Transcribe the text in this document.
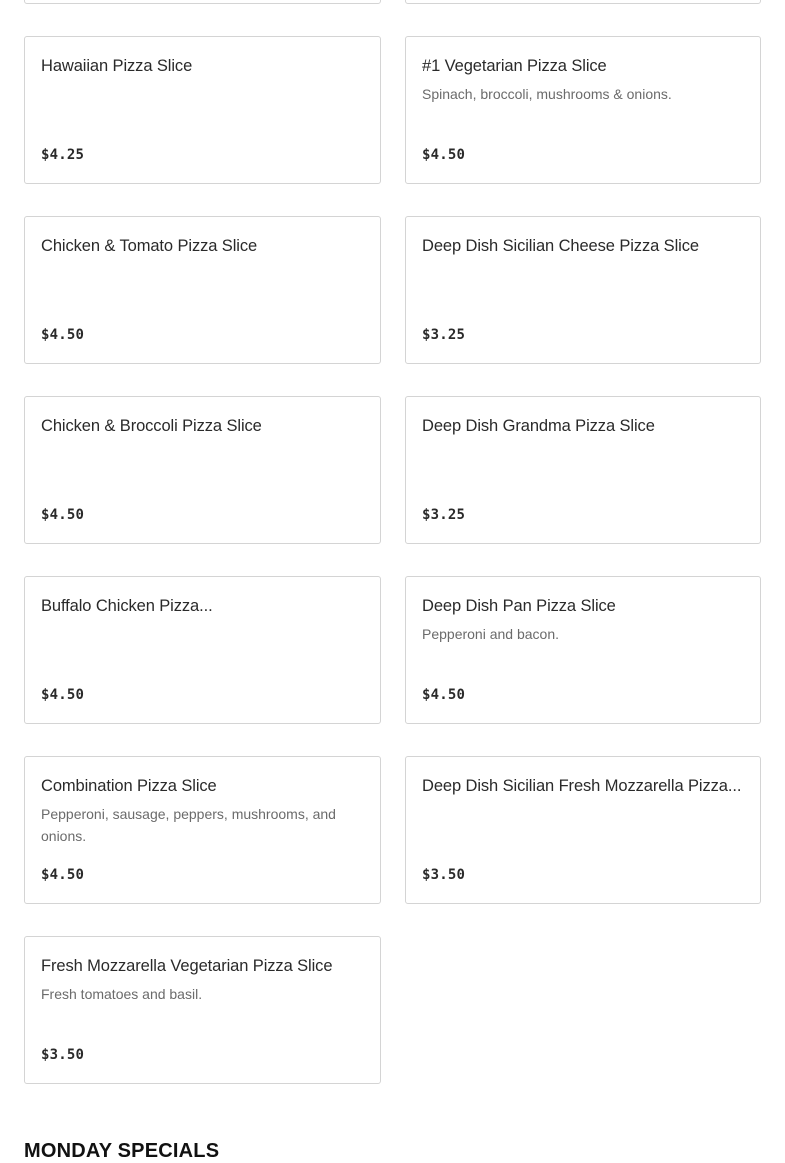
Hawaiian Pizza Slice
$4.25
#1 Vegetarian Pizza Slice
Spinach, broccoli, mushrooms & onions.
$4.50
Chicken & Tomato Pizza Slice
$4.50
Deep Dish Sicilian Cheese Pizza Slice
$3.25
Chicken & Broccoli Pizza Slice
$4.50
Deep Dish Grandma Pizza Slice
$3.25
Buffalo Chicken Pizza...
$4.50
Deep Dish Pan Pizza Slice
Pepperoni and bacon.
$4.50
Combination Pizza Slice
Pepperoni, sausage, peppers, mushrooms, and onions.
$4.50
Deep Dish Sicilian Fresh Mozzarella Pizza...
$3.50
Fresh Mozzarella Vegetarian Pizza Slice
Fresh tomatoes and basil.
$3.50
MONDAY SPECIALS
